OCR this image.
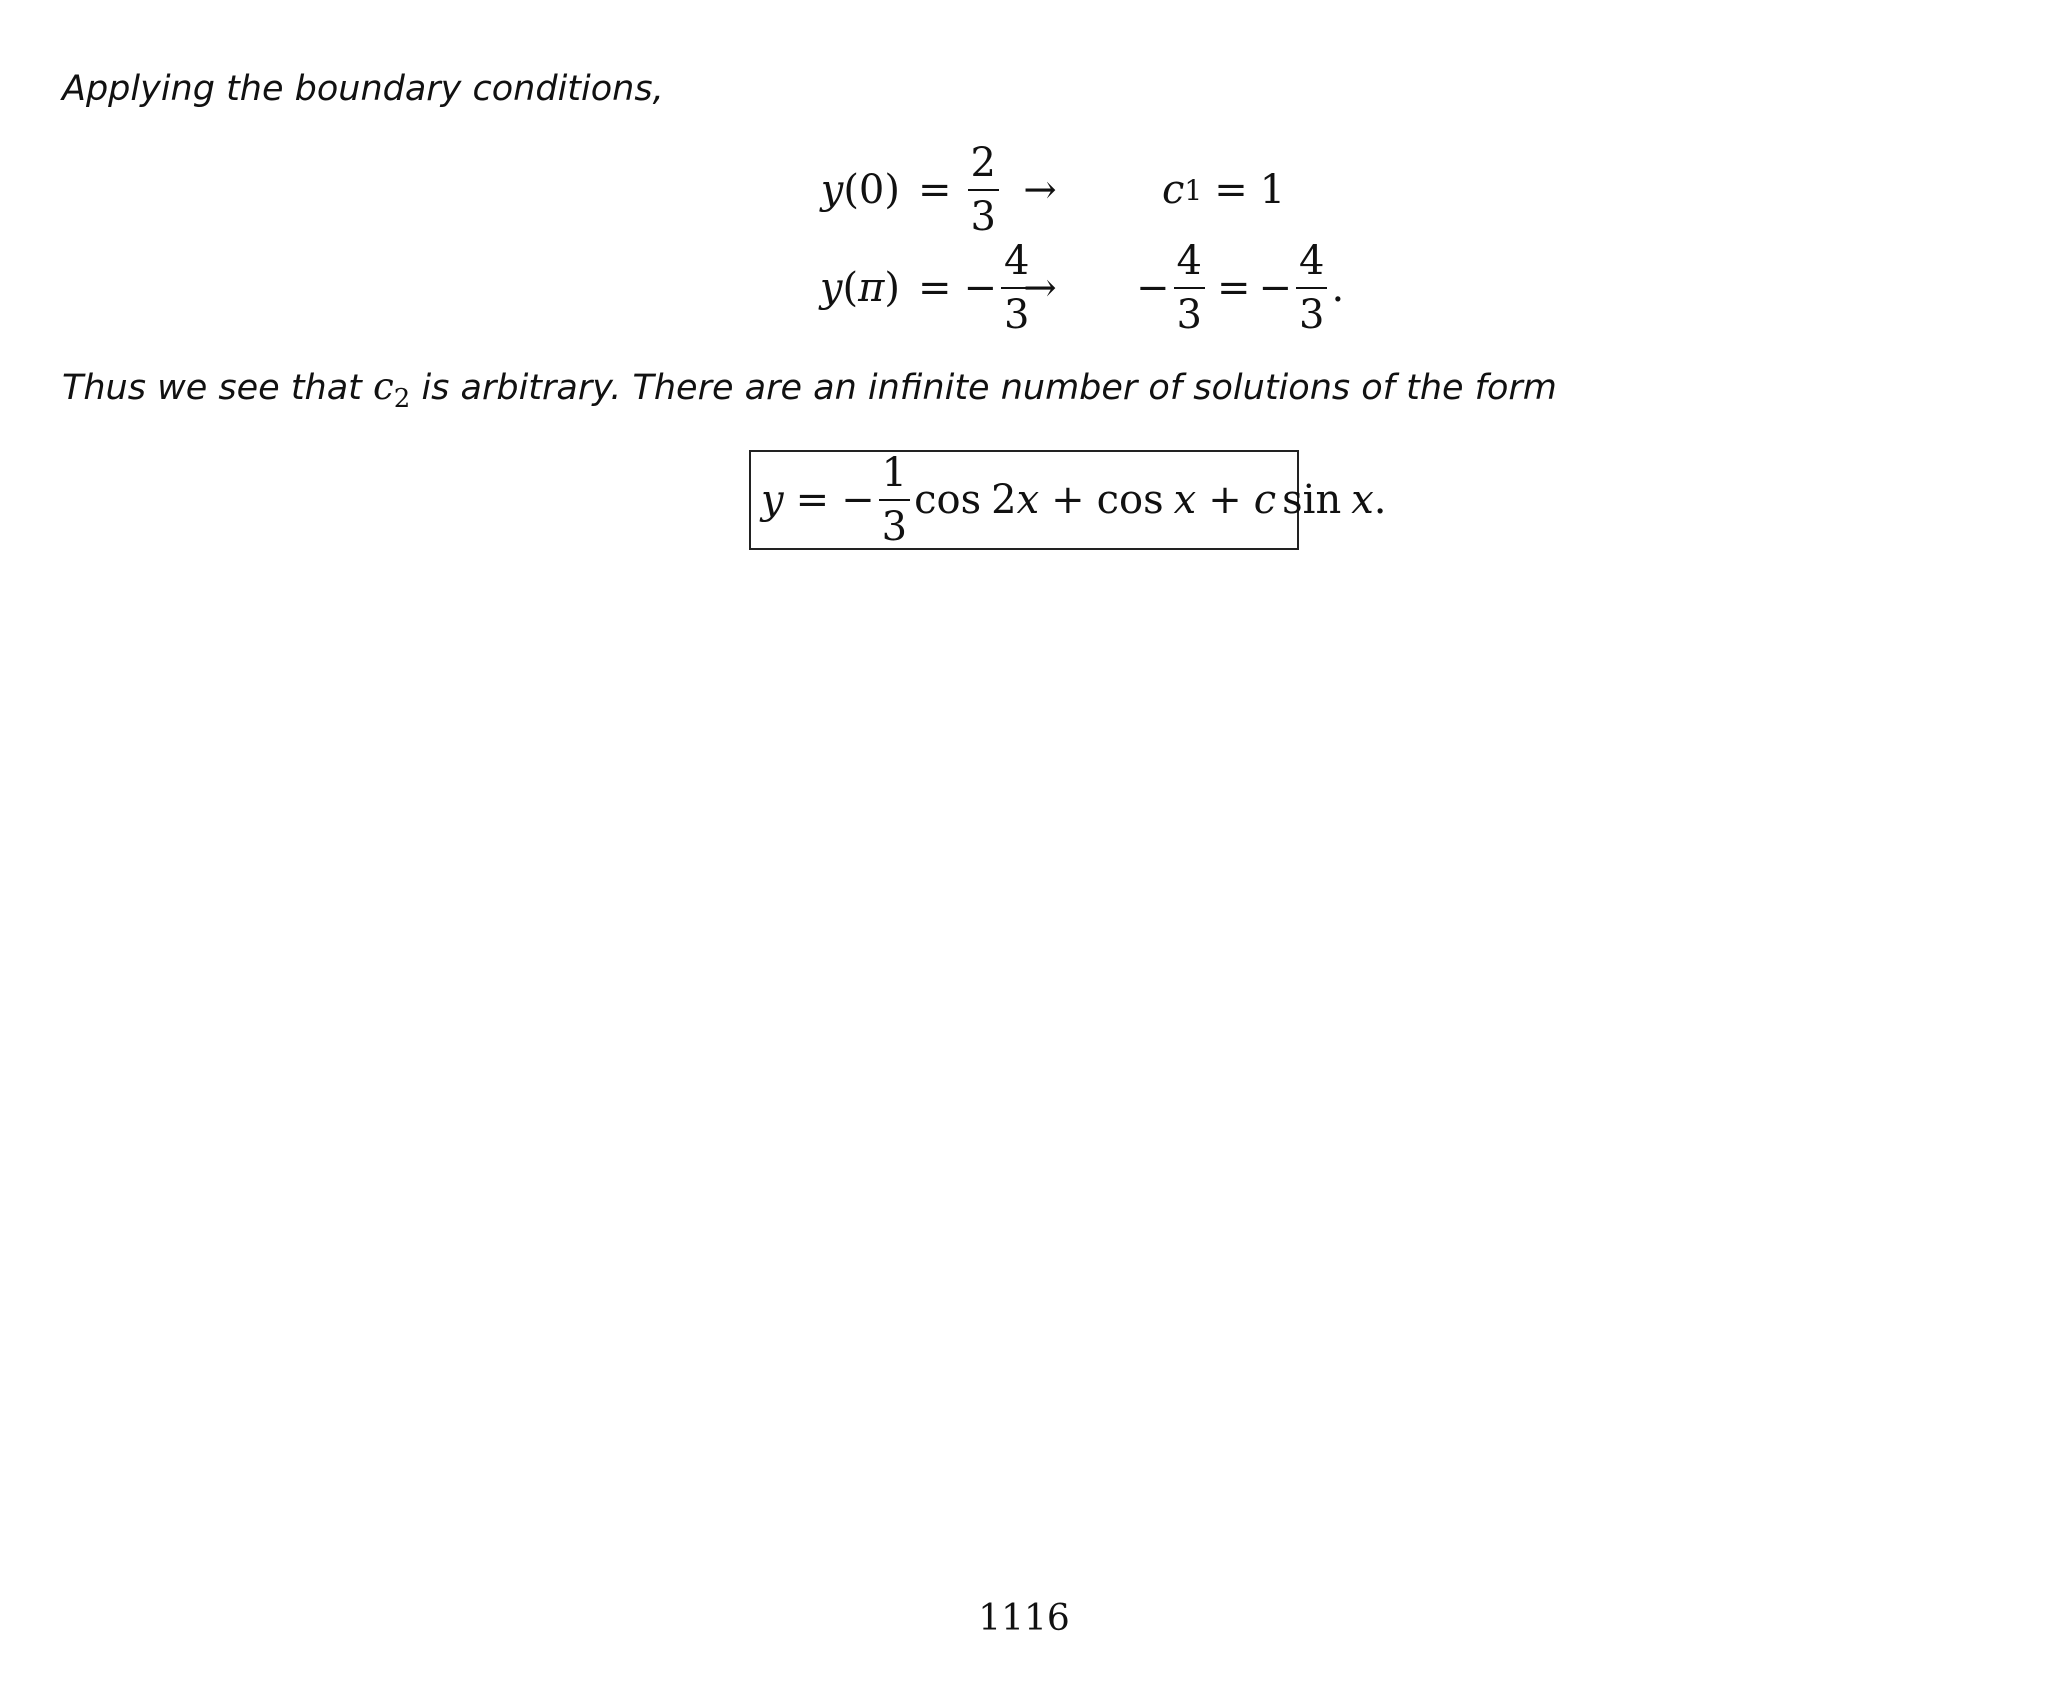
Applying the boundary conditions,
y $(0) = \frac{2}{3}$ →	c 1 = 1
y ( π ) = − $\frac{4}{3}$
→ − $\frac{4}{3}$ = − $\frac{4}{3}$ .
Thus we see that $c_2$ is arbitrary. There are an infinite number of solutions of the form
y = − $\frac{1}{3}$ cos 2 x + cos x + c sin x .
1116
